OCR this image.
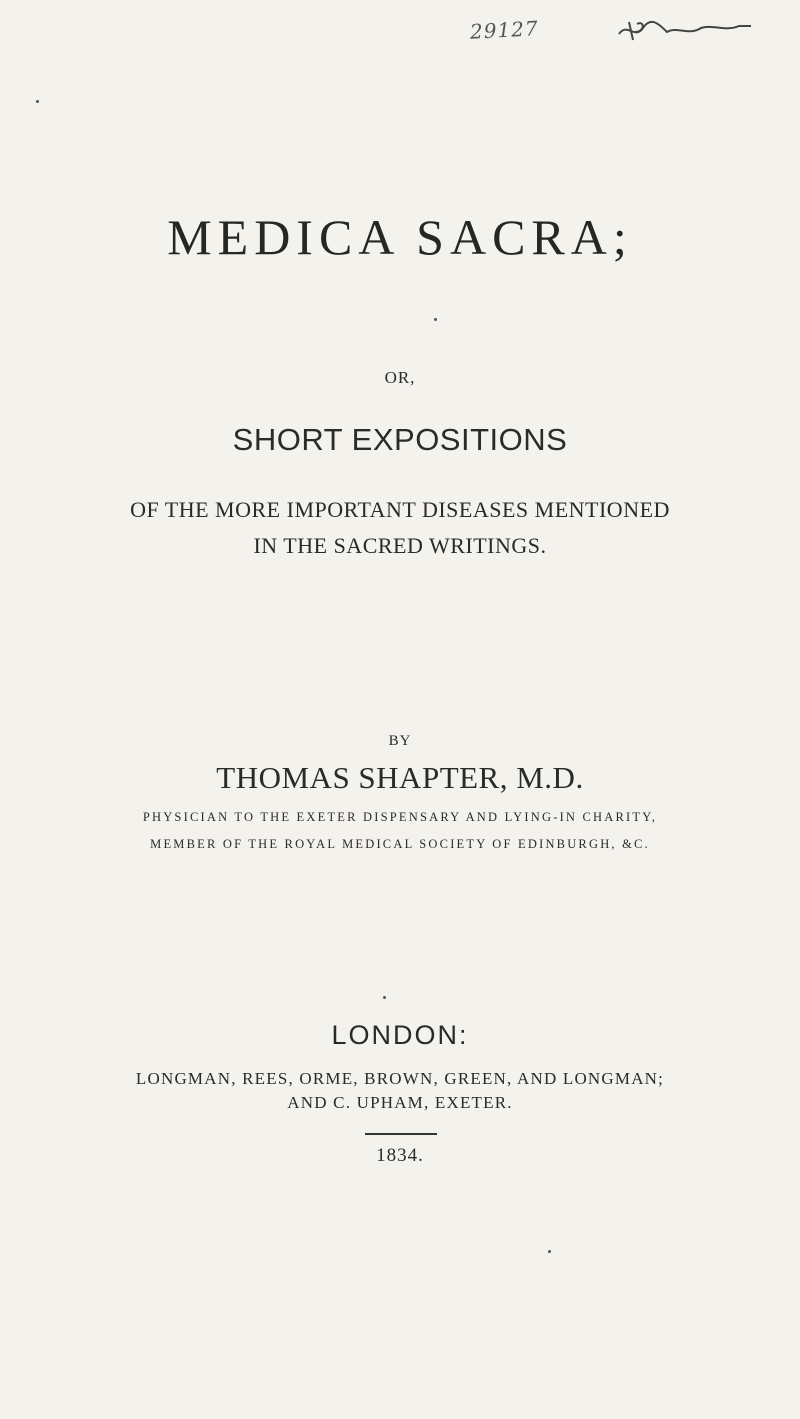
29127
MEDICA SACRA;
OR,
SHORT EXPOSITIONS
OF THE MORE IMPORTANT DISEASES MENTIONED
IN THE SACRED WRITINGS.
BY
THOMAS SHAPTER, M.D.
PHYSICIAN TO THE EXETER DISPENSARY AND LYING-IN CHARITY,
MEMBER OF THE ROYAL MEDICAL SOCIETY OF EDINBURGH, &C.
LONDON:
LONGMAN, REES, ORME, BROWN, GREEN, AND LONGMAN;
AND C. UPHAM, EXETER.
1834.
